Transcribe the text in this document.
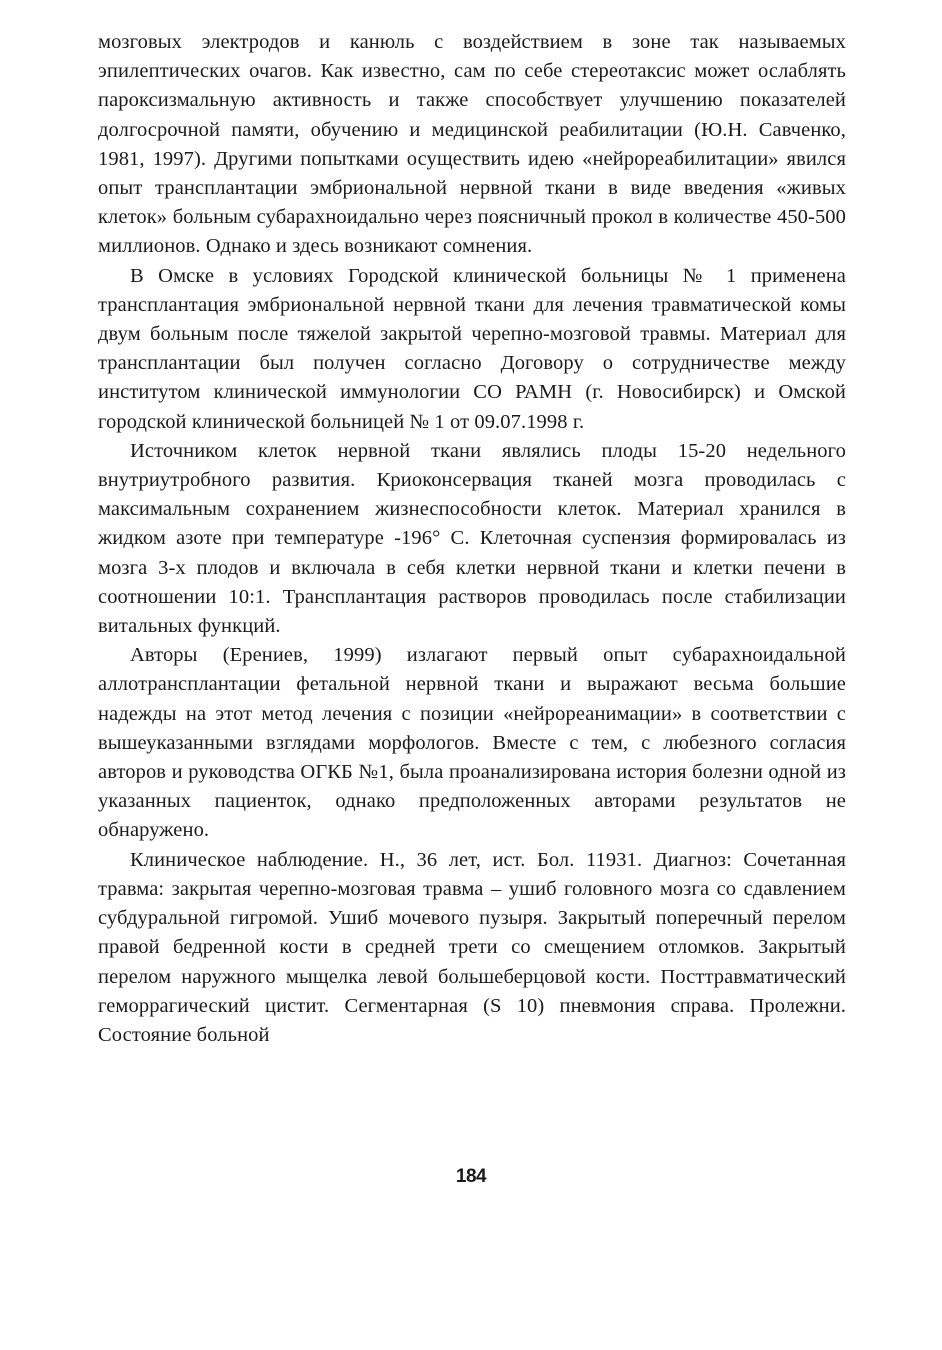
мозговых электродов и канюль с воздействием в зоне так называемых эпилептических очагов. Как известно, сам по себе стереотаксис может ослаблять пароксизмальную активность и также способствует улучшению показателей долгосрочной памяти, обучению и медицинской реабилитации (Ю.Н. Савченко, 1981, 1997). Другими попытками осуществить идею «нейрореабилитации» явился опыт трансплантации эмбриональной нервной ткани в виде введения «живых клеток» больным субарахноидально через поясничный прокол в количестве 450-500 миллионов. Однако и здесь возникают сомнения.

В Омске в условиях Городской клинической больницы № 1 применена трансплантация эмбриональной нервной ткани для лечения травматической комы двум больным после тяжелой закрытой черепно-мозговой травмы. Материал для трансплантации был получен согласно Договору о сотрудничестве между институтом клинической иммунологии СО РАМН (г. Новосибирск) и Омской городской клинической больницей № 1 от 09.07.1998 г.

Источником клеток нервной ткани являлись плоды 15-20 недельного внутриутробного развития. Криоконсервация тканей мозга проводилась с максимальным сохранением жизнеспособности клеток. Материал хранился в жидком азоте при температуре -196° С. Клеточная суспензия формировалась из мозга 3-х плодов и включала в себя клетки нервной ткани и клетки печени в соотношении 10:1. Трансплантация растворов проводилась после стабилизации витальных функций.

Авторы (Ерениев, 1999) излагают первый опыт субарахноидальной аллотрансплантации фетальной нервной ткани и выражают весьма большие надежды на этот метод лечения с позиции «нейрореанимации» в соответствии с вышеуказанными взглядами морфологов. Вместе с тем, с любезного согласия авторов и руководства ОГКБ №1, была проанализирована история болезни одной из указанных пациенток, однако предположенных авторами результатов не обнаружено.

Клиническое наблюдение. Н., 36 лет, ист. Бол. 11931. Диагноз: Сочетанная травма: закрытая черепно-мозговая травма – ушиб головного мозга со сдавлением субдуральной гигромой. Ушиб мочевого пузыря. Закрытый поперечный перелом правой бедренной кости в средней трети со смещением отломков. Закрытый перелом наружного мыщелка левой большеберцовой кости. Посттравматический геморрагический цистит. Сегментарная (S 10) пневмония справа. Пролежни. Состояние больной

184
